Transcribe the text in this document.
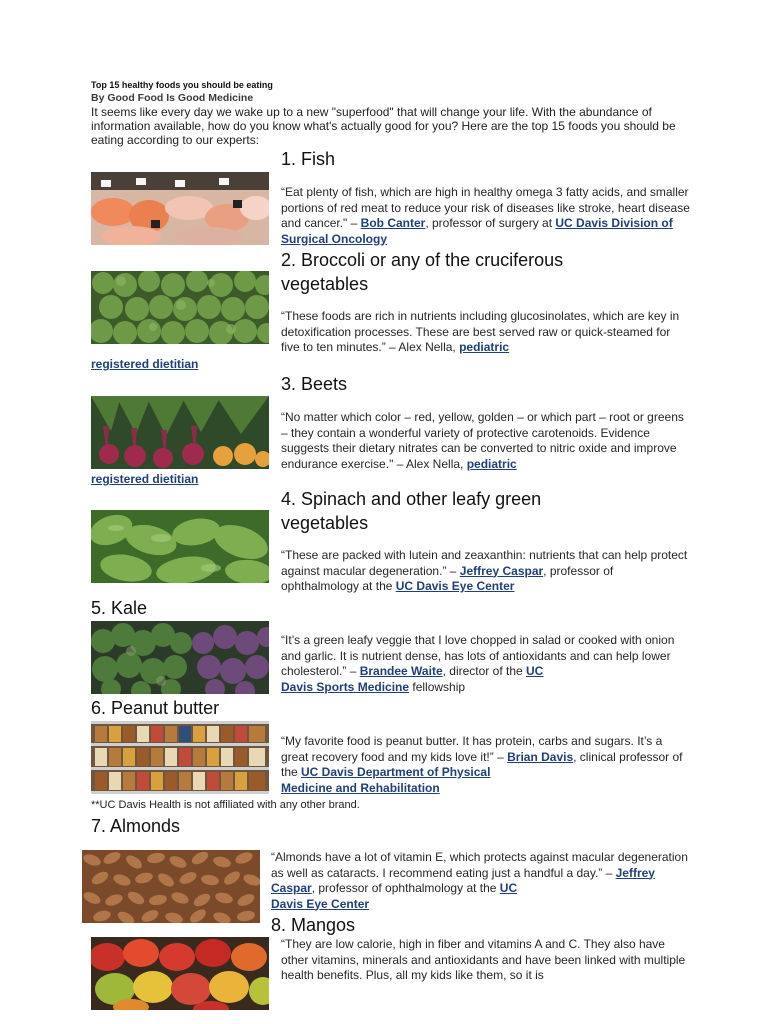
Top 15 healthy foods you should be eating
By Good Food Is Good Medicine
It seems like every day we wake up to a new "superfood" that will change your life. With the abundance of information available, how do you know what's actually good for you? Here are the top 15 foods you should be eating according to our experts:
1. Fish
“Eat plenty of fish, which are high in healthy omega 3 fatty acids, and smaller portions of red meat to reduce your risk of diseases like stroke, heart disease and cancer." – Bob Canter, professor of surgery at UC Davis Division of Surgical Oncology
2. Broccoli or any of the cruciferous
vegetables
“These foods are rich in nutrients including glucosinolates, which are key in detoxification processes. These are best served raw or quick-steamed for five to ten minutes.” – Alex Nella, pediatric
registered dietitian
3. Beets
“No matter which color – red, yellow, golden – or which part – root or greens – they contain a wonderful variety of protective carotenoids. Evidence suggests their dietary nitrates can be converted to nitric oxide and improve endurance exercise." – Alex Nella, pediatric
registered dietitian
4. Spinach and other leafy green
vegetables
“These are packed with lutein and zeaxanthin: nutrients that can help protect against macular degeneration.” – Jeffrey Caspar, professor of ophthalmology at the UC Davis Eye Center
5. Kale
“It’s a green leafy veggie that I love chopped in salad or cooked with onion and garlic. It is nutrient dense, has lots of antioxidants and can help lower cholesterol.” – Brandee Waite, director of the UC
Davis Sports Medicine fellowship
6. Peanut butter
“My favorite food is peanut butter. It has protein, carbs and sugars. It’s a great recovery food and my kids love it!” – Brian Davis, clinical professor of the UC Davis Department of Physical
Medicine and Rehabilitation
**UC Davis Health is not affiliated with any other brand.
7. Almonds
“Almonds have a lot of vitamin E, which protects against macular degeneration as well as cataracts. I recommend eating just a handful a day.” – Jeffrey Caspar, professor of ophthalmology at the UC
Davis Eye Center
8. Mangos
“They are low calorie, high in fiber and vitamins A and C. They also have other vitamins, minerals and antioxidants and have been linked with multiple health benefits. Plus, all my kids like them, so it is
